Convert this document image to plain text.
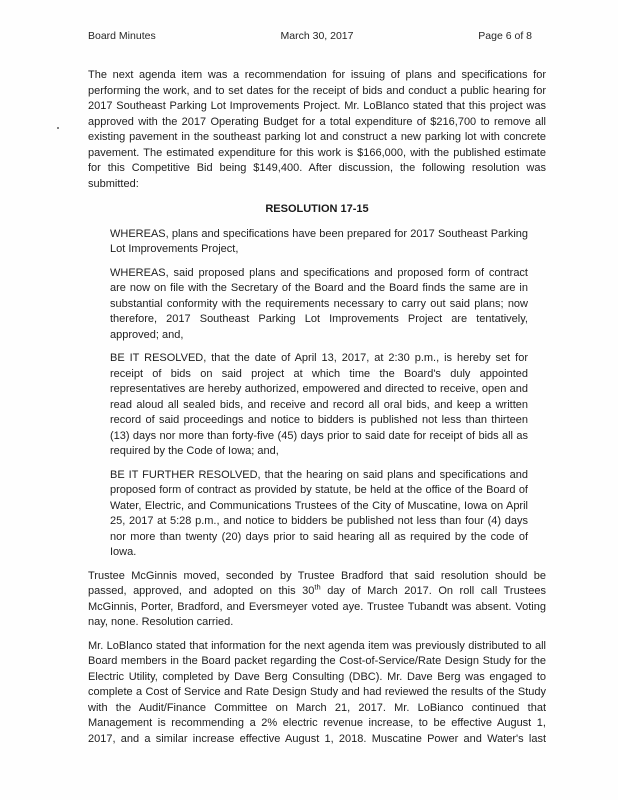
Board Minutes	March 30, 2017	Page 6 of 8

The next agenda item was a recommendation for issuing of plans and specifications for performing the work, and to set dates for the receipt of bids and conduct a public hearing for 2017 Southeast Parking Lot Improvements Project. Mr. LoBlanco stated that this project was approved with the 2017 Operating Budget for a total expenditure of $216,700 to remove all existing pavement in the southeast parking lot and construct a new parking lot with concrete pavement. The estimated expenditure for this work is $166,000, with the published estimate for this Competitive Bid being $149,400. After discussion, the following resolution was submitted:

RESOLUTION 17-15

WHEREAS, plans and specifications have been prepared for 2017 Southeast Parking Lot Improvements Project,

WHEREAS, said proposed plans and specifications and proposed form of contract are now on file with the Secretary of the Board and the Board finds the same are in substantial conformity with the requirements necessary to carry out said plans; now therefore, 2017 Southeast Parking Lot Improvements Project are tentatively, approved; and,

BE IT RESOLVED, that the date of April 13, 2017, at 2:30 p.m., is hereby set for receipt of bids on said project at which time the Board's duly appointed representatives are hereby authorized, empowered and directed to receive, open and read aloud all sealed bids, and receive and record all oral bids, and keep a written record of said proceedings and notice to bidders is published not less than thirteen (13) days nor more than forty-five (45) days prior to said date for receipt of bids all as required by the Code of Iowa; and,

BE IT FURTHER RESOLVED, that the hearing on said plans and specifications and proposed form of contract as provided by statute, be held at the office of the Board of Water, Electric, and Communications Trustees of the City of Muscatine, Iowa on April 25, 2017 at 5:28 p.m., and notice to bidders be published not less than four (4) days nor more than twenty (20) days prior to said hearing all as required by the code of Iowa.

Trustee McGinnis moved, seconded by Trustee Bradford that said resolution should be passed, approved, and adopted on this 30th day of March 2017. On roll call Trustees McGinnis, Porter, Bradford, and Eversmeyer voted aye. Trustee Tubandt was absent. Voting nay, none. Resolution carried.

Mr. LoBlanco stated that information for the next agenda item was previously distributed to all Board members in the Board packet regarding the Cost-of-Service/Rate Design Study for the Electric Utility, completed by Dave Berg Consulting (DBC). Mr. Dave Berg was engaged to complete a Cost of Service and Rate Design Study and had reviewed the results of the Study with the Audit/Finance Committee on March 21, 2017. Mr. LoBianco continued that Management is recommending a 2% electric revenue increase, to be effective August 1, 2017, and a similar increase effective August 1, 2018. Muscatine Power and Water's last
